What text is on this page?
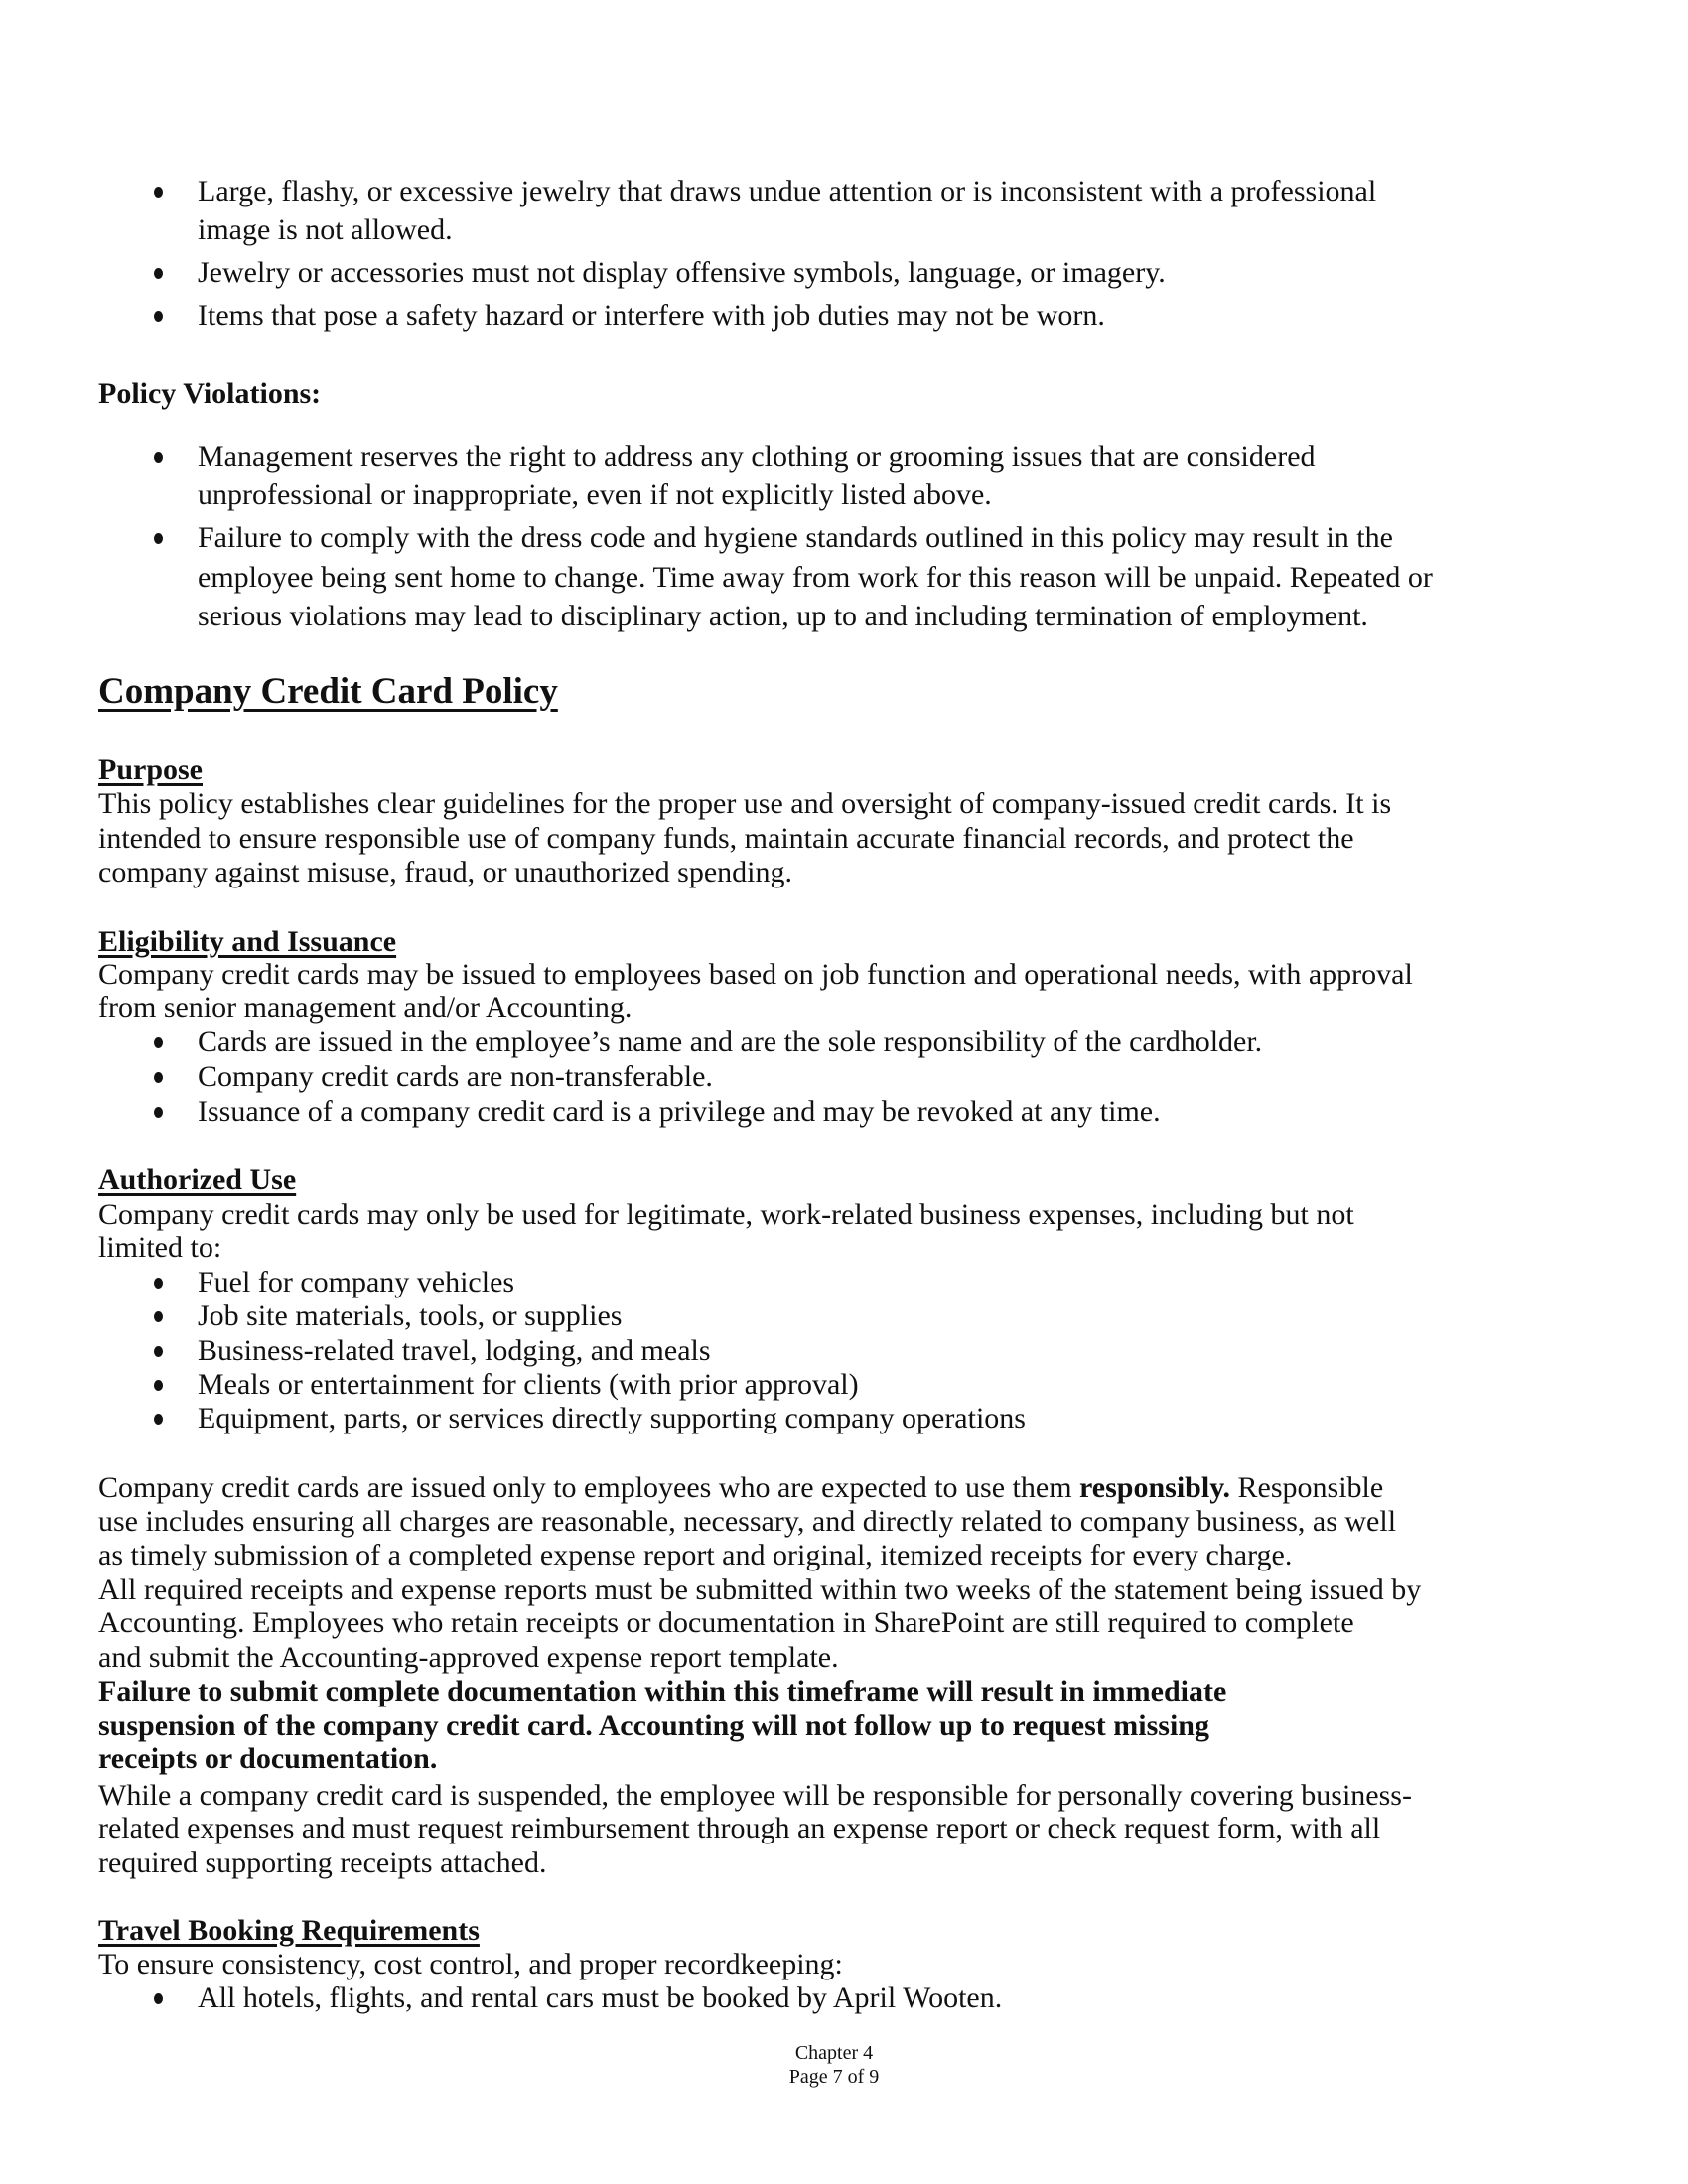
Large, flashy, or excessive jewelry that draws undue attention or is inconsistent with a professional
image is not allowed.
Jewelry or accessories must not display offensive symbols, language, or imagery.
Items that pose a safety hazard or interfere with job duties may not be worn.
Policy Violations:
Management reserves the right to address any clothing or grooming issues that are considered
unprofessional or inappropriate, even if not explicitly listed above.
Failure to comply with the dress code and hygiene standards outlined in this policy may result in the
employee being sent home to change. Time away from work for this reason will be unpaid. Repeated or
serious violations may lead to disciplinary action, up to and including termination of employment.
Company Credit Card Policy
Purpose
This policy establishes clear guidelines for the proper use and oversight of company-issued credit cards. It is
intended to ensure responsible use of company funds, maintain accurate financial records, and protect the
company against misuse, fraud, or unauthorized spending.
Eligibility and Issuance
Company credit cards may be issued to employees based on job function and operational needs, with approval
from senior management and/or Accounting.
Cards are issued in the employee’s name and are the sole responsibility of the cardholder.
Company credit cards are non-transferable.
Issuance of a company credit card is a privilege and may be revoked at any time.
Authorized Use
Company credit cards may only be used for legitimate, work-related business expenses, including but not
limited to:
Fuel for company vehicles
Job site materials, tools, or supplies
Business-related travel, lodging, and meals
Meals or entertainment for clients (with prior approval)
Equipment, parts, or services directly supporting company operations
Company credit cards are issued only to employees who are expected to use them responsibly. Responsible
use includes ensuring all charges are reasonable, necessary, and directly related to company business, as well
as timely submission of a completed expense report and original, itemized receipts for every charge.
All required receipts and expense reports must be submitted within two weeks of the statement being issued by
Accounting. Employees who retain receipts or documentation in SharePoint are still required to complete
and submit the Accounting-approved expense report template.
Failure to submit complete documentation within this timeframe will result in immediate
suspension of the company credit card. Accounting will not follow up to request missing
receipts or documentation.
While a company credit card is suspended, the employee will be responsible for personally covering business-
related expenses and must request reimbursement through an expense report or check request form, with all
required supporting receipts attached.
Travel Booking Requirements
To ensure consistency, cost control, and proper recordkeeping:
All hotels, flights, and rental cars must be booked by April Wooten.
Chapter 4
Page 7 of 9
